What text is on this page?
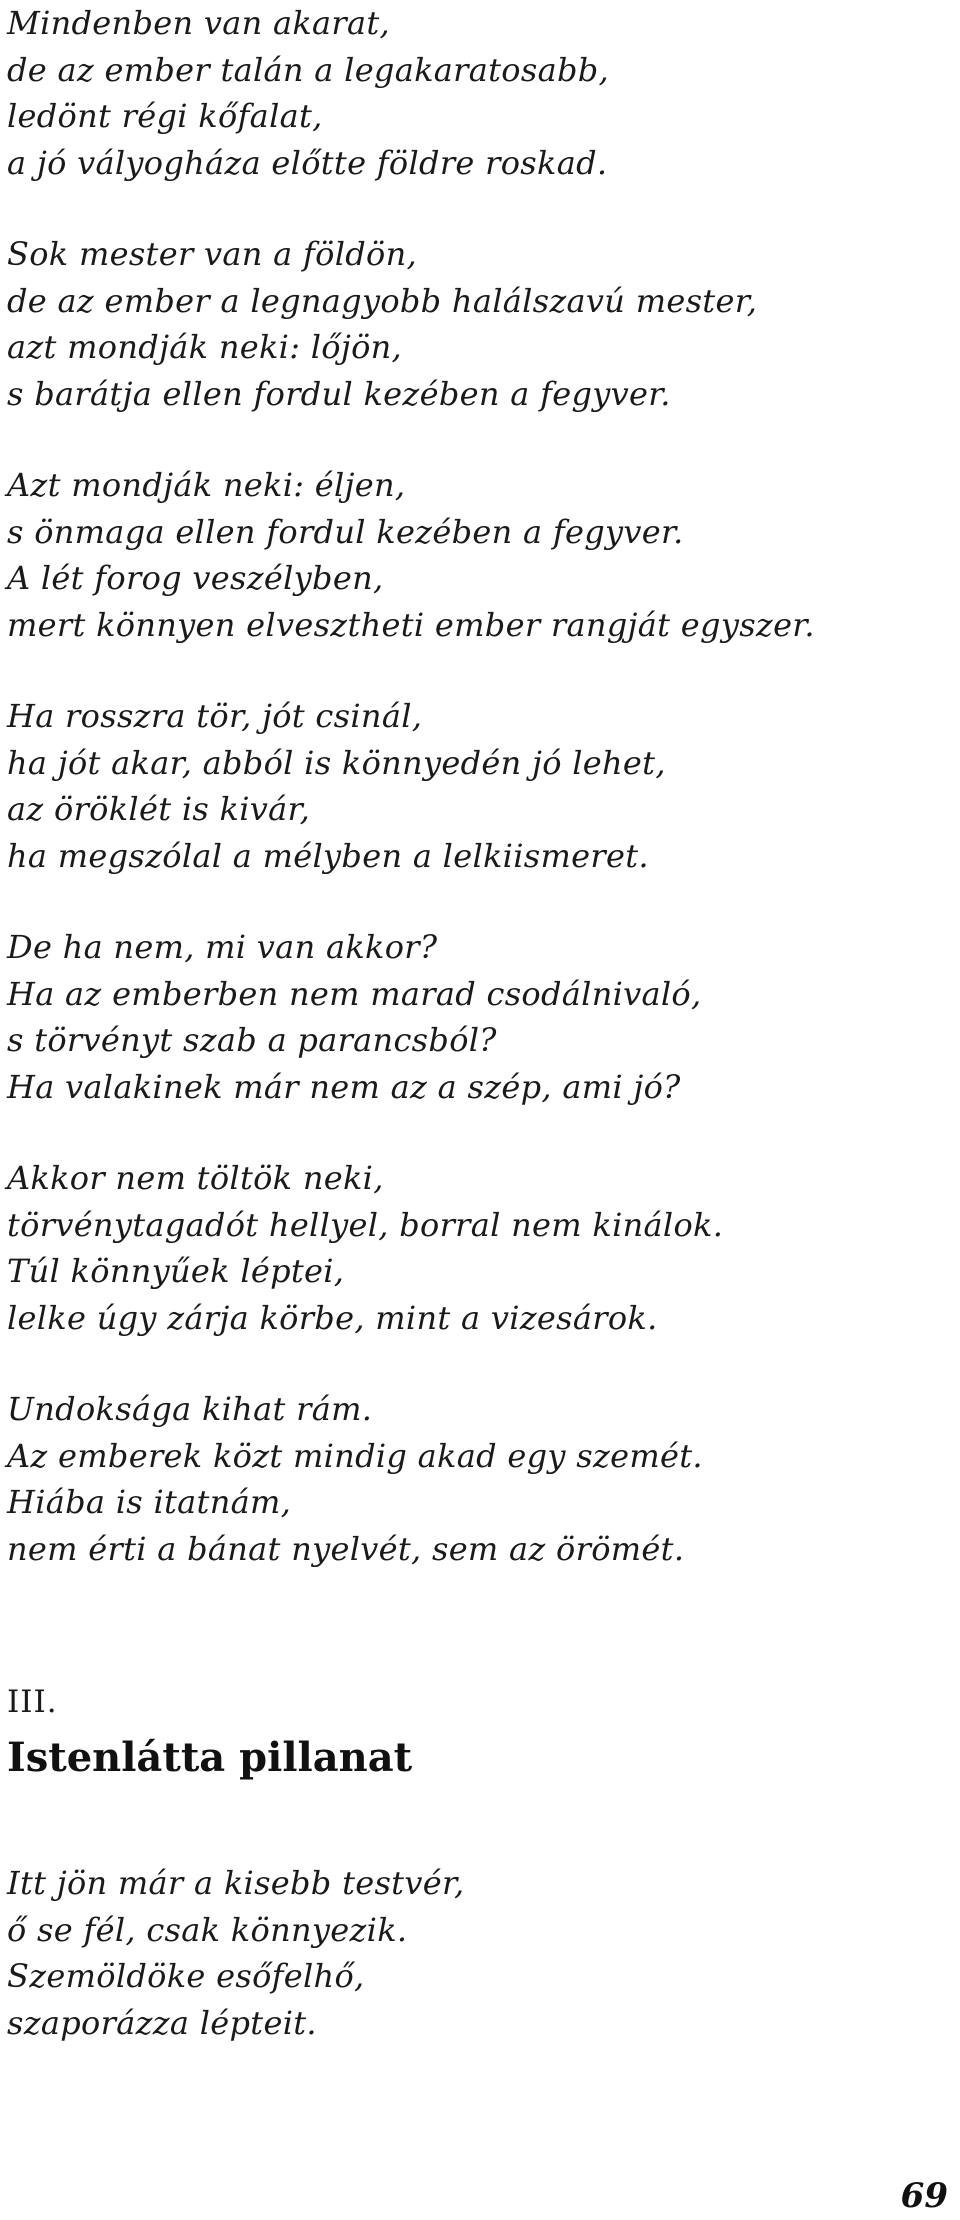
Mindenben van akarat,
de az ember talán a legakaratosabb,
ledönt régi kőfalat,
a jó vályogháza előtte földre roskad.
Sok mester van a földön,
de az ember a legnagyobb halálszavú mester,
azt mondják neki: lőjön,
s barátja ellen fordul kezében a fegyver.
Azt mondják neki: éljen,
s önmaga ellen fordul kezében a fegyver.
A lét forog veszélyben,
mert könnyen elvesztheti ember rangját egyszer.
Ha rosszra tör, jót csinál,
ha jót akar, abból is könnyedén jó lehet,
az öröklét is kivár,
ha megszólal a mélyben a lelkiismeret.
De ha nem, mi van akkor?
Ha az emberben nem marad csodálnivaló,
s törvényt szab a parancsból?
Ha valakinek már nem az a szép, ami jó?
Akkor nem töltök neki,
törvénytagadót hellyel, borral nem kinálok.
Túl könnyűek léptei,
lelke úgy zárja körbe, mint a vizesárok.
Undoksága kihat rám.
Az emberek közt mindig akad egy szemét.
Hiába is itatnám,
nem érti a bánat nyelvét, sem az örömét.
III.
Istenlátta pillanat
Itt jön már a kisebb testvér,
ő se fél, csak könnyezik.
Szemöldöke esőfelhő,
szaporázza lépteit.
69
